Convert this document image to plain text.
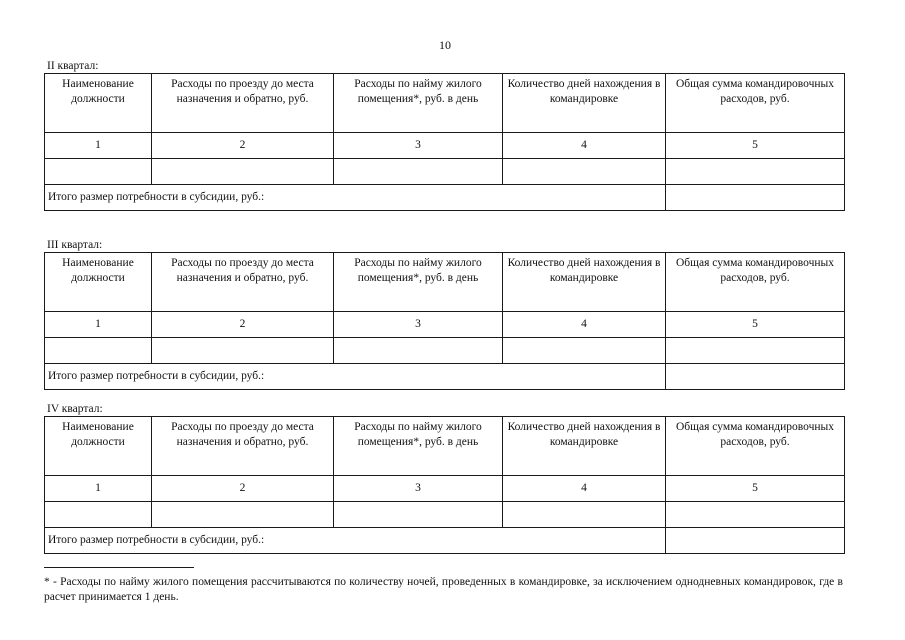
10
II квартал:
Наименование должности	Расходы по проезду до места назначения и обратно, руб.	Расходы по найму жилого помещения*, руб. в день	Количество дней нахождения в командировке	Общая сумма командировочных расходов, руб.
1	2	3	4	5

Итого размер потребности в субсидии, руб.:				
III квартал:
Наименование должности	Расходы по проезду до места назначения и обратно, руб.	Расходы по найму жилого помещения*, руб. в день	Количество дней нахождения в командировке	Общая сумма командировочных расходов, руб.
1	2	3	4	5

Итого размер потребности в субсидии, руб.:				
IV квартал:
Наименование должности	Расходы по проезду до места назначения и обратно, руб.	Расходы по найму жилого помещения*, руб. в день	Количество дней нахождения в командировке	Общая сумма командировочных расходов, руб.
1	2	3	4	5

Итого размер потребности в субсидии, руб.:				
* - Расходы по найму жилого помещения рассчитываются по количеству ночей, проведенных в командировке, за исключением однодневных командировок, где в расчет принимается 1 день.
